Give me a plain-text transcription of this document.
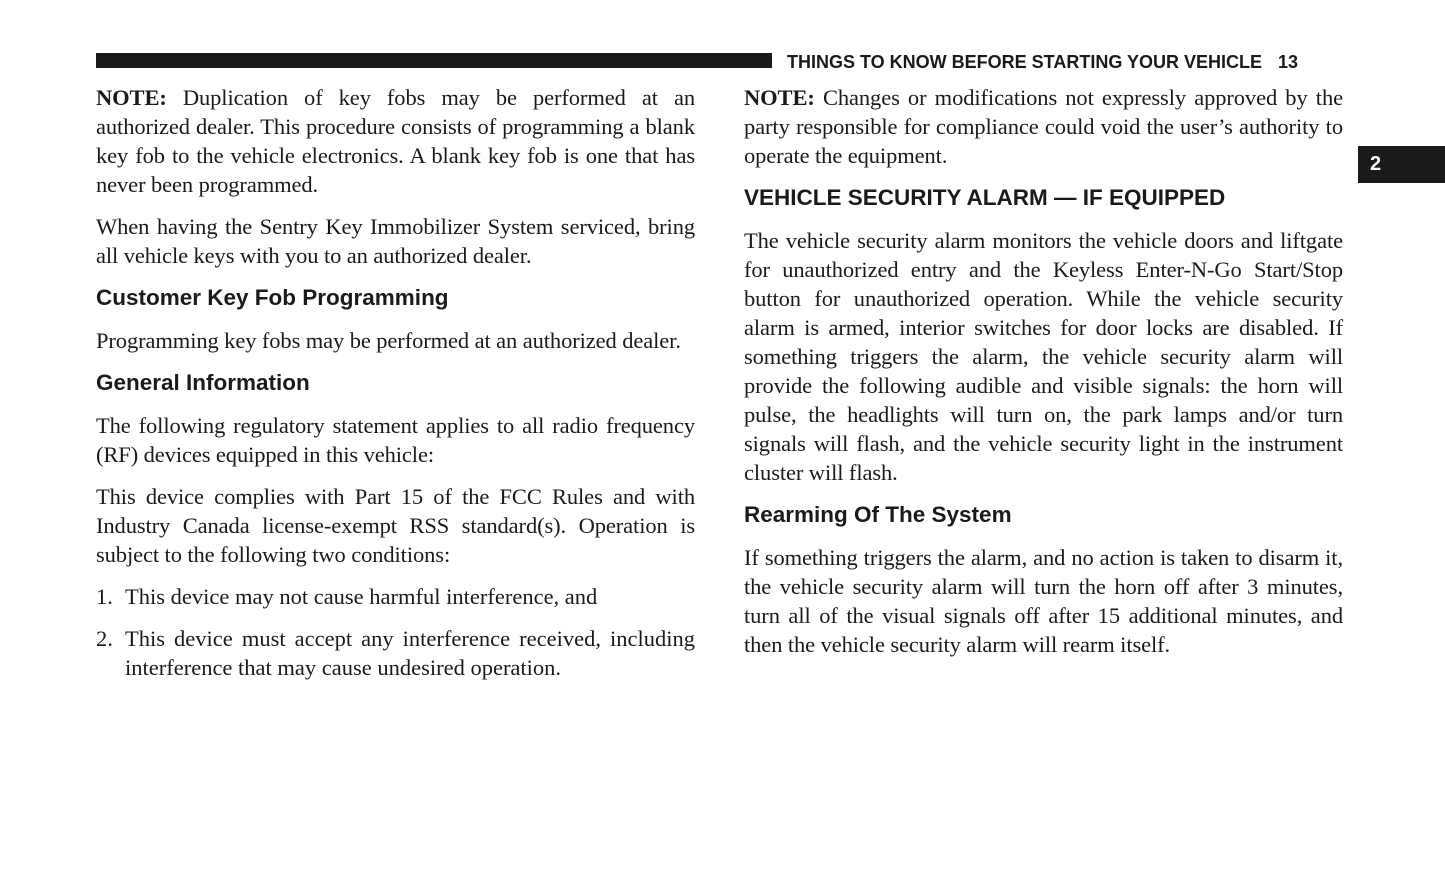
THINGS TO KNOW BEFORE STARTING YOUR VEHICLE 13
2

NOTE: Duplication of key fobs may be performed at an authorized dealer. This procedure consists of programming a blank key fob to the vehicle electronics. A blank key fob is one that has never been programmed.

When having the Sentry Key Immobilizer System serviced, bring all vehicle keys with you to an authorized dealer.

Customer Key Fob Programming

Programming key fobs may be performed at an authorized dealer.

General Information

The following regulatory statement applies to all radio frequency (RF) devices equipped in this vehicle:

This device complies with Part 15 of the FCC Rules and with Industry Canada license-exempt RSS standard(s). Operation is subject to the following two conditions:

1. This device may not cause harmful interference, and
2. This device must accept any interference received, including interference that may cause undesired operation.

NOTE: Changes or modifications not expressly approved by the party responsible for compliance could void the user’s authority to operate the equipment.

VEHICLE SECURITY ALARM — IF EQUIPPED

The vehicle security alarm monitors the vehicle doors and liftgate for unauthorized entry and the Keyless Enter-N-Go Start/Stop button for unauthorized operation. While the vehicle security alarm is armed, interior switches for door locks are disabled. If something triggers the alarm, the vehicle security alarm will provide the following audible and visible signals: the horn will pulse, the headlights will turn on, the park lamps and/or turn signals will flash, and the vehicle security light in the instrument cluster will flash.

Rearming Of The System

If something triggers the alarm, and no action is taken to disarm it, the vehicle security alarm will turn the horn off after 3 minutes, turn all of the visual signals off after 15 additional minutes, and then the vehicle security alarm will rearm itself.
